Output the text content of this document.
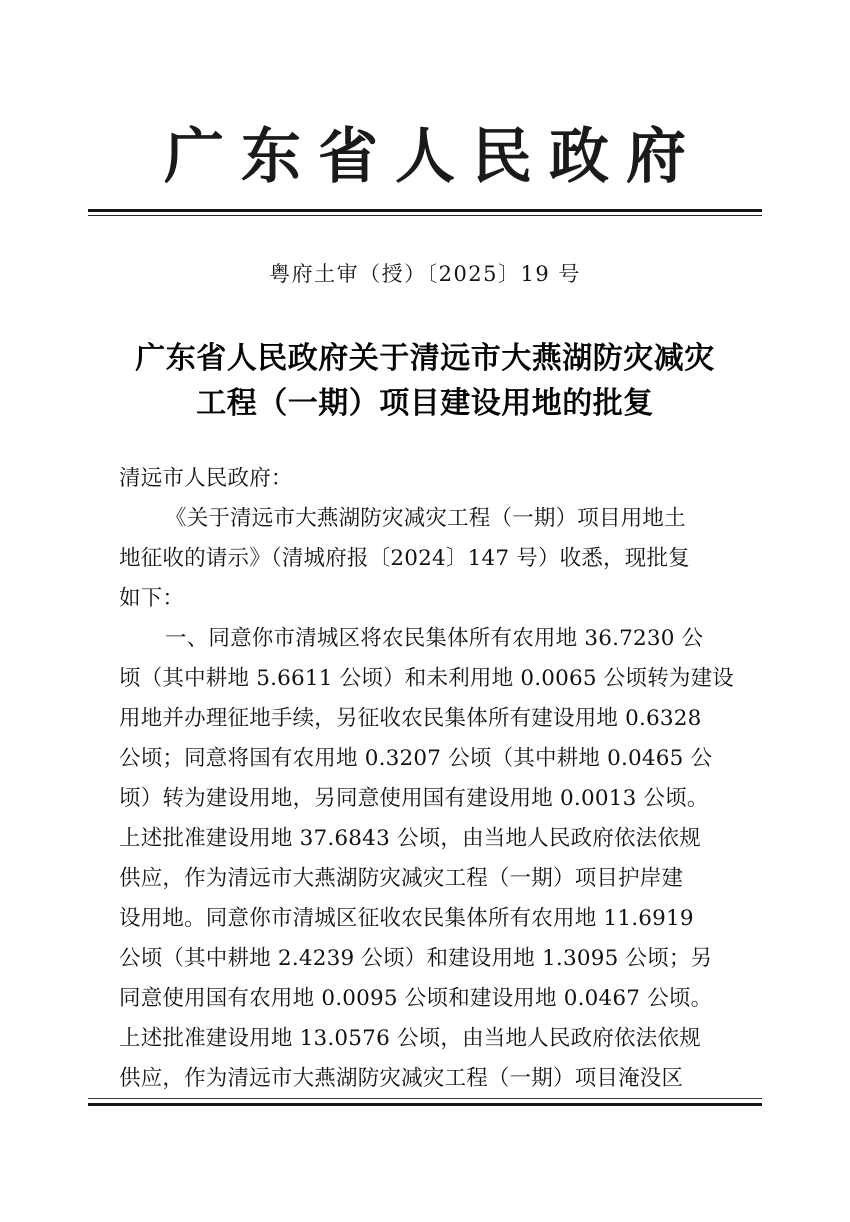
广东省人民政府
粤府土审（授）〔2025〕19 号
广东省人民政府关于清远市大燕湖防灾减灾
工程（一期）项目建设用地的批复
清远市人民政府：
《关于清远市大燕湖防灾减灾工程（一期）项目用地土
地征收的请示》（清城府报〔2024〕147 号）收悉，现批复
如下：
一、同意你市清城区将农民集体所有农用地 36.7230 公
顷（其中耕地 5.6611 公顷）和未利用地 0.0065 公顷转为建设
用地并办理征地手续，另征收农民集体所有建设用地 0.6328
公顷；同意将国有农用地 0.3207 公顷（其中耕地 0.0465 公
顷）转为建设用地，另同意使用国有建设用地 0.0013 公顷。
上述批准建设用地 37.6843 公顷，由当地人民政府依法依规
供应，作为清远市大燕湖防灾减灾工程（一期）项目护岸建
设用地。同意你市清城区征收农民集体所有农用地 11.6919
公顷（其中耕地 2.4239 公顷）和建设用地 1.3095 公顷；另
同意使用国有农用地 0.0095 公顷和建设用地 0.0467 公顷。
上述批准建设用地 13.0576 公顷，由当地人民政府依法依规
供应，作为清远市大燕湖防灾减灾工程（一期）项目淹没区
